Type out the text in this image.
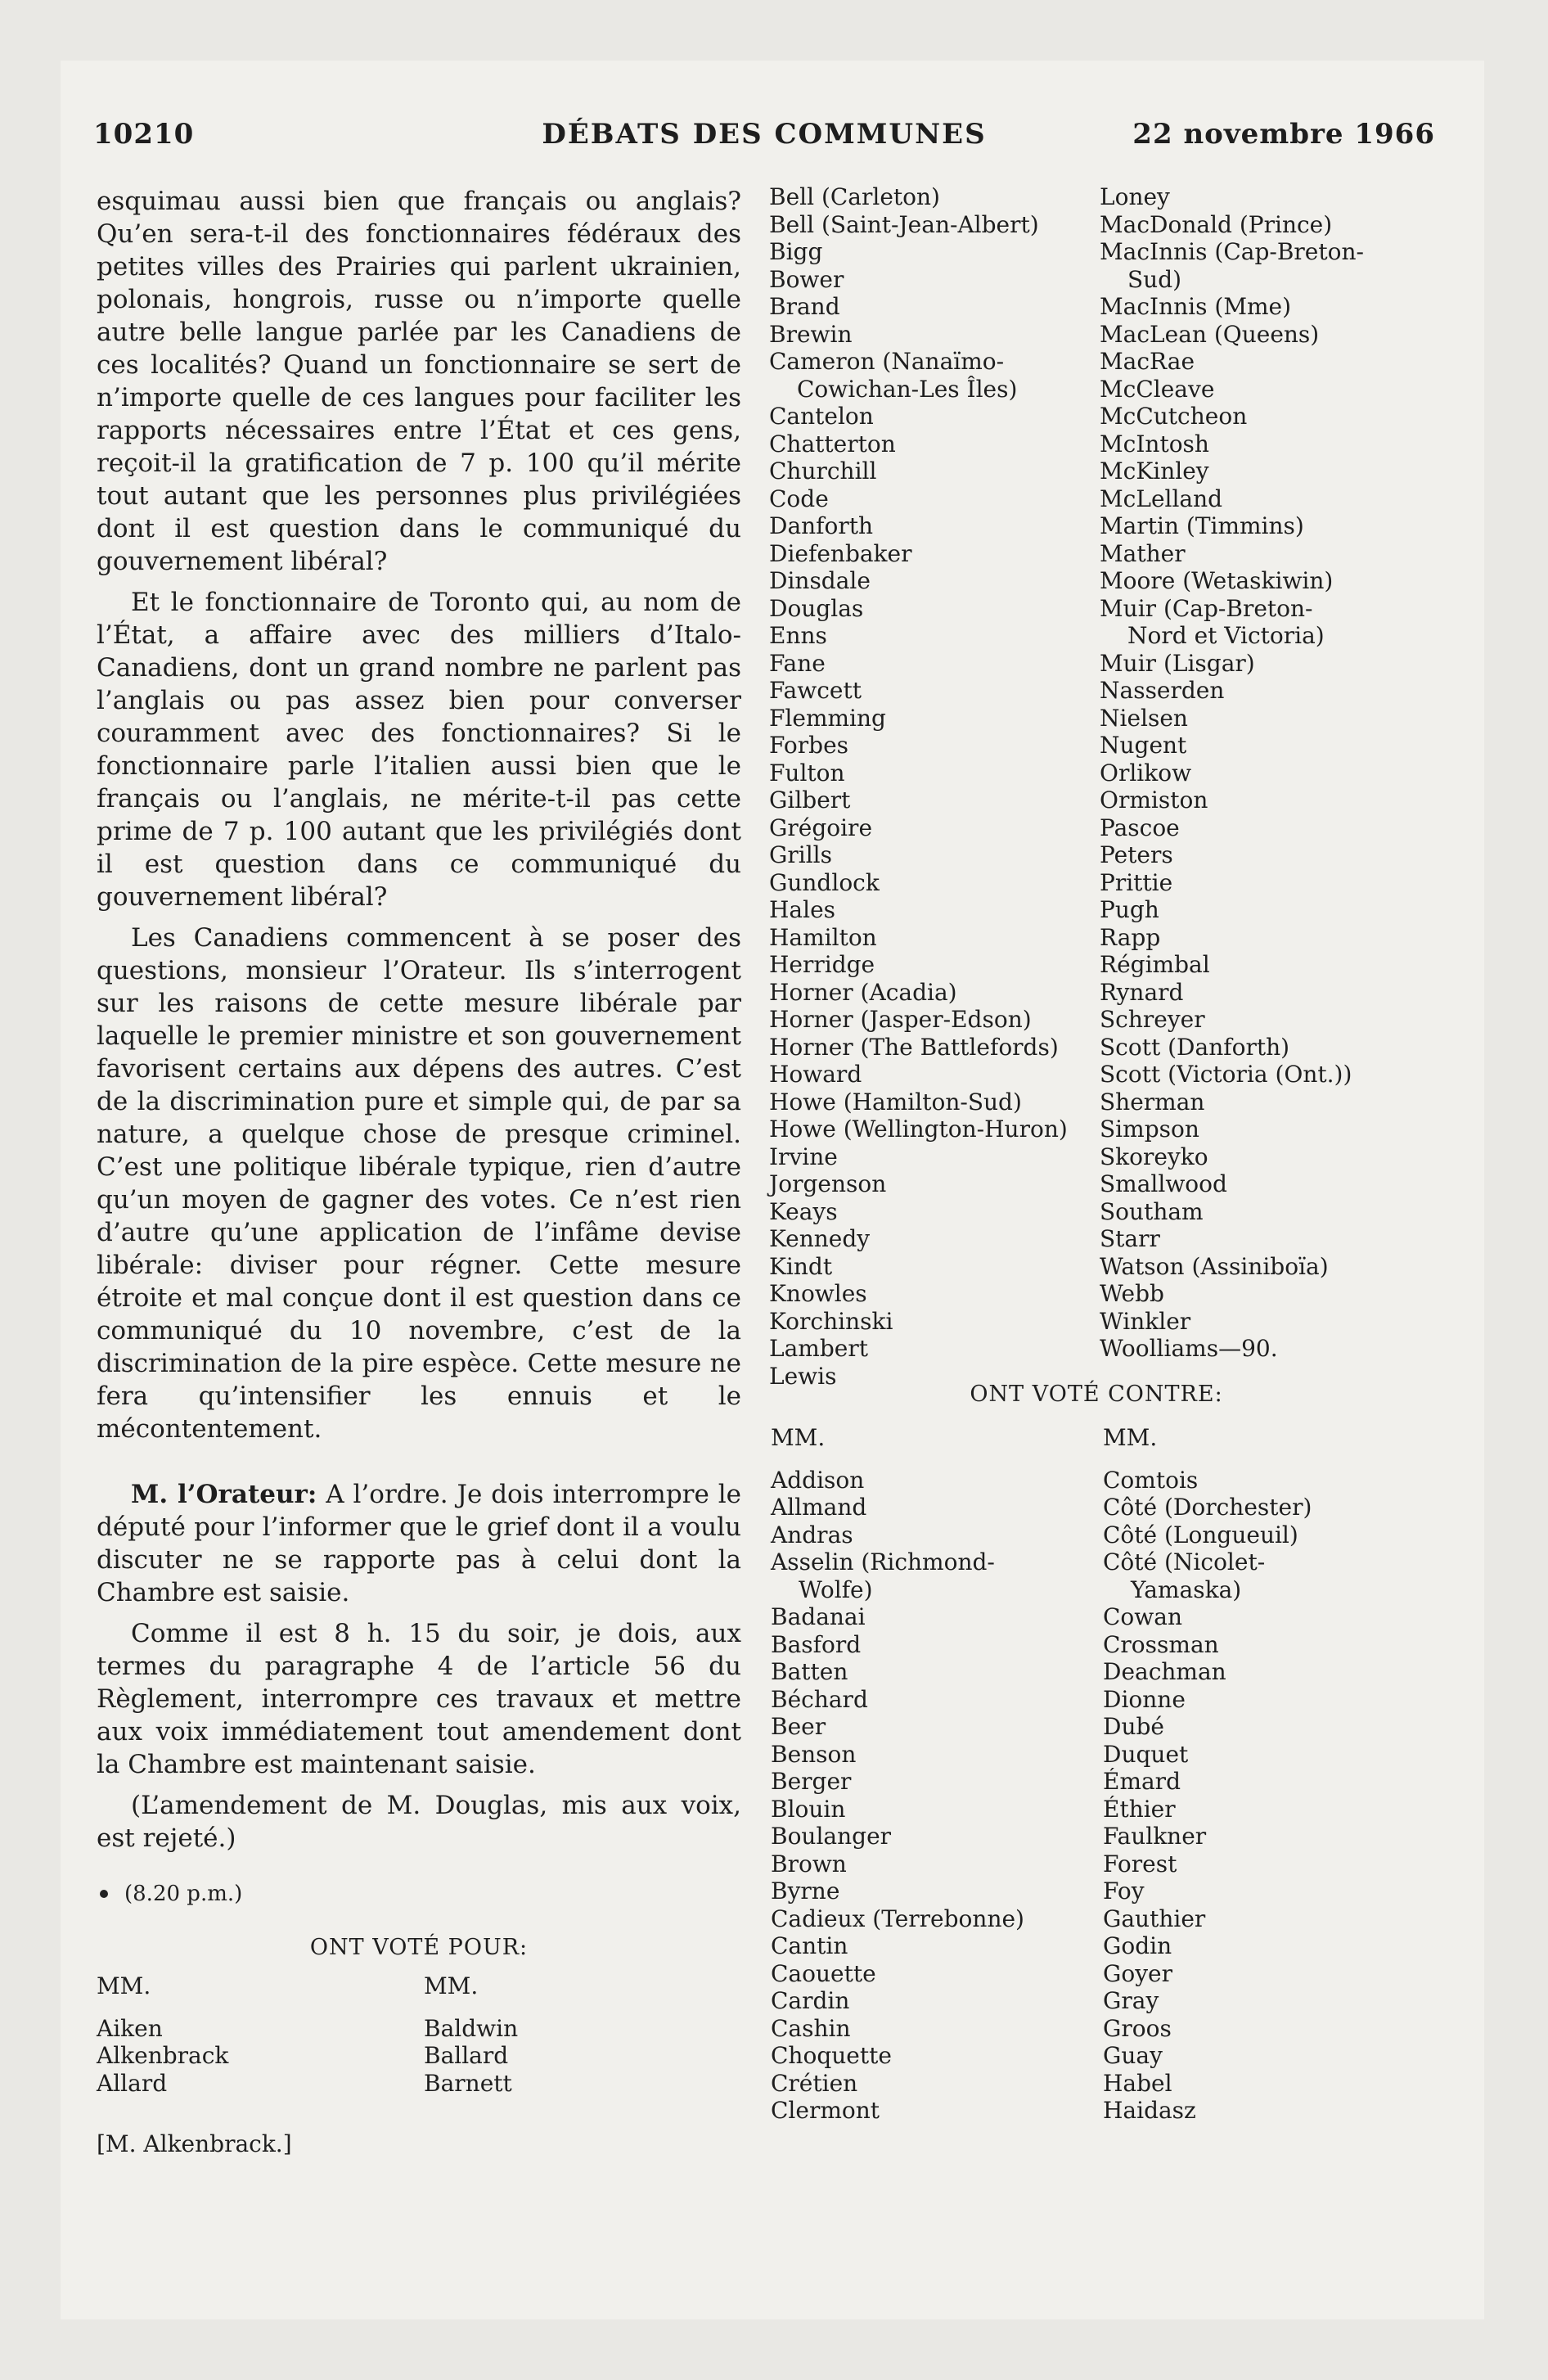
10210	DÉBATS DES COMMUNES	22 novembre 1966

esquimau aussi bien que français ou anglais? Qu’en sera-t-il des fonctionnaires fédéraux des petites villes des Prairies qui parlent ukrainien, polonais, hongrois, russe ou n’importe quelle autre belle langue parlée par les Canadiens de ces localités? Quand un fonctionnaire se sert de n’importe quelle de ces langues pour faciliter les rapports nécessaires entre l’État et ces gens, reçoit-il la gratification de 7 p. 100 qu’il mérite tout autant que les personnes plus privilégiées dont il est question dans le communiqué du gouvernement libéral?

Et le fonctionnaire de Toronto qui, au nom de l’État, a affaire avec des milliers d’Italo-Canadiens, dont un grand nombre ne parlent pas l’anglais ou pas assez bien pour converser couramment avec des fonctionnaires? Si le fonctionnaire parle l’italien aussi bien que le français ou l’anglais, ne mérite-t-il pas cette prime de 7 p. 100 autant que les privilégiés dont il est question dans ce communiqué du gouvernement libéral?

Les Canadiens commencent à se poser des questions, monsieur l’Orateur. Ils s’interrogent sur les raisons de cette mesure libérale par laquelle le premier ministre et son gouvernement favorisent certains aux dépens des autres. C’est de la discrimination pure et simple qui, de par sa nature, a quelque chose de presque criminel. C’est une politique libérale typique, rien d’autre qu’un moyen de gagner des votes. Ce n’est rien d’autre qu’une application de l’infâme devise libérale: diviser pour régner. Cette mesure étroite et mal conçue dont il est question dans ce communiqué du 10 novembre, c’est de la discrimination de la pire espèce. Cette mesure ne fera qu’intensifier les ennuis et le mécontentement.

M. l’Orateur: A l’ordre. Je dois interrompre le député pour l’informer que le grief dont il a voulu discuter ne se rapporte pas à celui dont la Chambre est saisie.

Comme il est 8 h. 15 du soir, je dois, aux termes du paragraphe 4 de l’article 56 du Règlement, interrompre ces travaux et mettre aux voix immédiatement tout amendement dont la Chambre est maintenant saisie.

(L’amendement de M. Douglas, mis aux voix, est rejeté.)

(8.20 p.m.)
ONT VOTÉ POUR:
MM.
Aiken
Alkenbrack
Allard
MM.
Baldwin
Ballard
Barnett
[M. Alkenbrack.]
Bell (Carleton)
Bell (Saint-Jean-Albert)
Bigg
Bower
Brand
Brewin
Cameron (Nanaïmo-
Cowichan-Les Îles)
Cantelon
Chatterton
Churchill
Code
Danforth
Diefenbaker
Dinsdale
Douglas
Enns
Fane
Fawcett
Flemming
Forbes
Fulton
Gilbert
Grégoire
Grills
Gundlock
Hales
Hamilton
Herridge
Horner (Acadia)
Horner (Jasper-Edson)
Horner (The Battlefords)
Howard
Howe (Hamilton-Sud)
Howe (Wellington-Huron)
Irvine
Jorgenson
Keays
Kennedy
Kindt
Knowles
Korchinski
Lambert
Lewis
Loney
MacDonald (Prince)
MacInnis (Cap-Breton-
Sud)
MacInnis (Mme)
MacLean (Queens)
MacRae
McCleave
McCutcheon
McIntosh
McKinley
McLelland
Martin (Timmins)
Mather
Moore (Wetaskiwin)
Muir (Cap-Breton-
Nord et Victoria)
Muir (Lisgar)
Nasserden
Nielsen
Nugent
Orlikow
Ormiston
Pascoe
Peters
Prittie
Pugh
Rapp
Régimbal
Rynard
Schreyer
Scott (Danforth)
Scott (Victoria (Ont.))
Sherman
Simpson
Skoreyko
Smallwood
Southam
Starr
Watson (Assiniboïa)
Webb
Winkler
Woolliams—90.
ONT VOTÉ CONTRE:
MM.
Addison
Allmand
Andras
Asselin (Richmond-
Wolfe)
Badanai
Basford
Batten
Béchard
Beer
Benson
Berger
Blouin
Boulanger
Brown
Byrne
Cadieux (Terrebonne)
Cantin
Caouette
Cardin
Cashin
Choquette
Crétien
Clermont
MM.
Comtois
Côté (Dorchester)
Côté (Longueuil)
Côté (Nicolet-
Yamaska)
Cowan
Crossman
Deachman
Dionne
Dubé
Duquet
Émard
Éthier
Faulkner
Forest
Foy
Gauthier
Godin
Goyer
Gray
Groos
Guay
Habel
Haidasz
